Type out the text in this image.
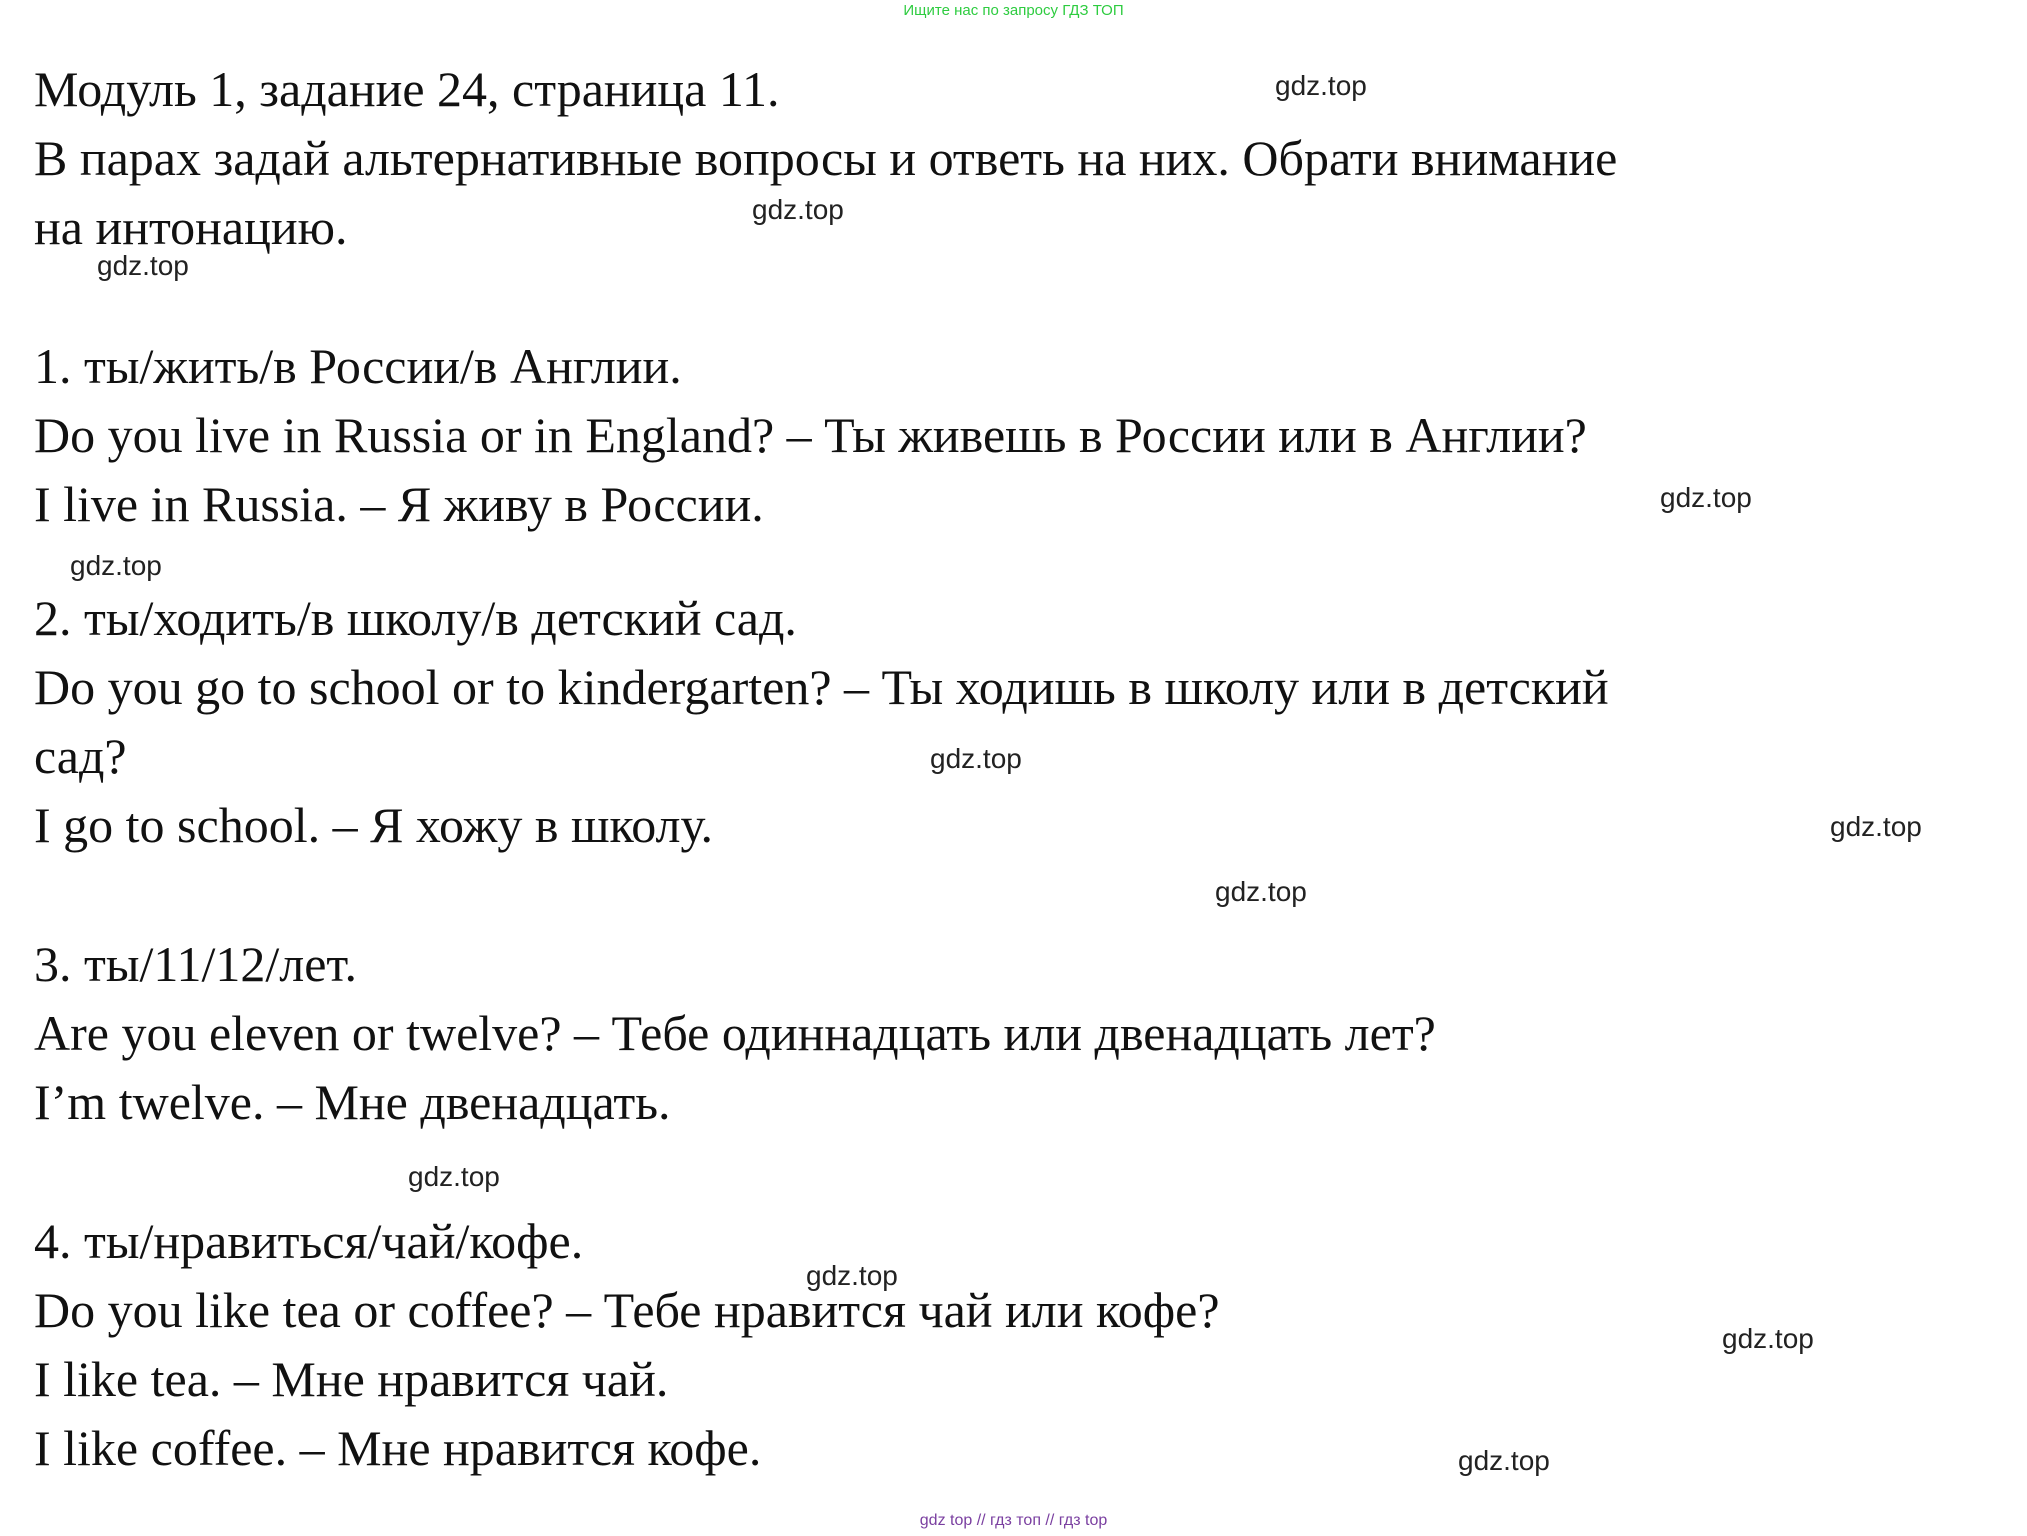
Ищите нас по запросу ГДЗ ТОП
Модуль 1, задание 24, страница 11.
В парах задай альтернативные вопросы и ответь на них. Обрати внимание
на интонацию.
1. ты/жить/в России/в Англии.
Do you live in Russia or in England? – Ты живешь в России или в Англии?
I live in Russia. – Я живу в России.
2. ты/ходить/в школу/в детский сад.
Do you go to school or to kindergarten? – Ты ходишь в школу или в детский
сад?
I go to school. – Я хожу в школу.
3. ты/11/12/лет.
Are you eleven or twelve? – Тебе одиннадцать или двенадцать лет?
I’m twelve. – Мне двенадцать.
4. ты/нравиться/чай/кофе.
Do you like tea or coffee? – Тебе нравится чай или кофе?
I like tea. – Мне нравится чай.
I like coffee. – Мне нравится кофе.
gdz.top
gdz.top
gdz.top
gdz.top
gdz.top
gdz.top
gdz.top
gdz.top
gdz.top
gdz.top
gdz.top
gdz.top
gdz top // гдз топ // гдз top
